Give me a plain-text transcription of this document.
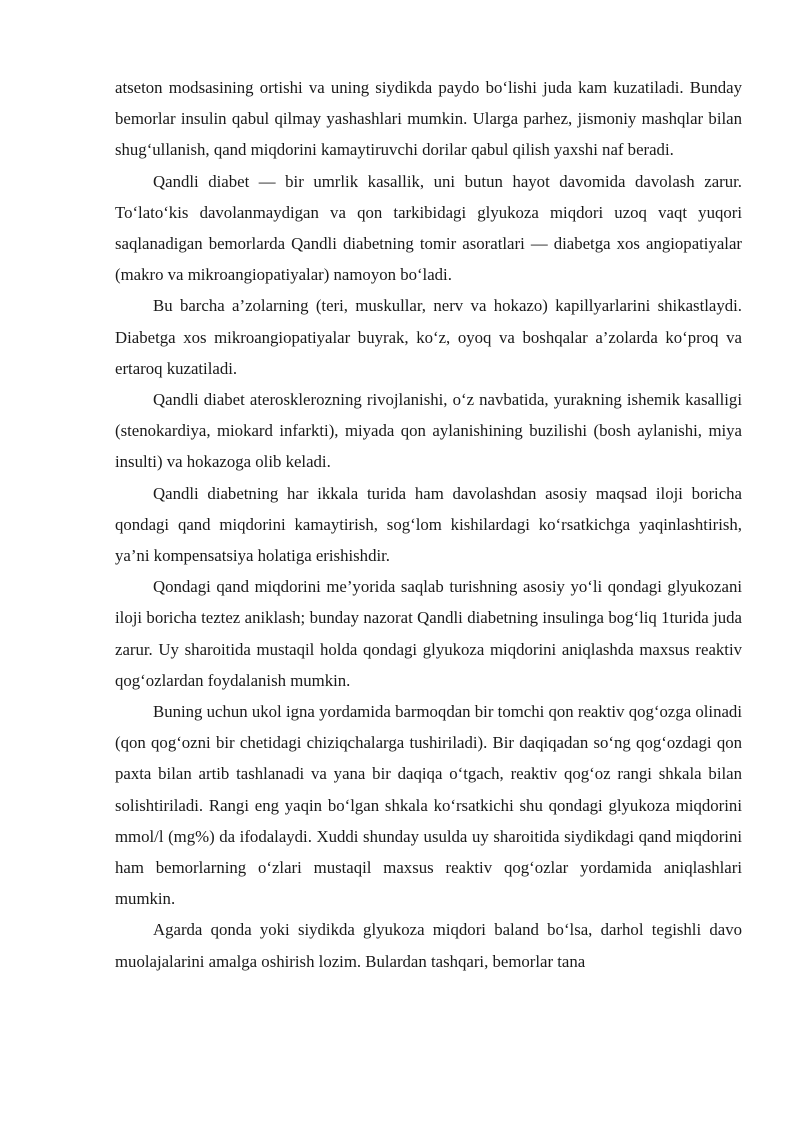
atseton modsasining ortishi va uning siydikda paydo bo‘lishi juda kam kuzatiladi. Bunday bemorlar insulin qabul qilmay yashashlari mumkin. Ularga parhez, jismoniy mashqlar bilan shug‘ullanish, qand miqdorini kamaytiruvchi dorilar qabul qilish yaxshi naf beradi.

Qandli diabet — bir umrlik kasallik, uni butun hayot davomida davolash zarur. To‘lato‘kis davolanmaydigan va qon tarkibidagi glyukoza miqdori uzoq vaqt yuqori saqlanadigan bemorlarda Qandli diabetning tomir asoratlari — diabetga xos angiopatiyalar (makro va mikroangiopatiyalar) namoyon bo‘ladi.

Bu barcha a’zolarning (teri, muskullar, nerv va hokazo) kapillyarlarini shikastlaydi. Diabetga xos mikroangiopatiyalar buyrak, ko‘z, oyoq va boshqalar a’zolarda ko‘proq va ertaroq kuzatiladi.

Qandli diabet aterosklerozning rivojlanishi, o‘z navbatida, yurakning ishemik kasalligi (stenokardiya, miokard infarkti), miyada qon aylanishining buzilishi (bosh aylanishi, miya insulti) va hokazoga olib keladi.

Qandli diabetning har ikkala turida ham davolashdan asosiy maqsad iloji boricha qondagi qand miqdorini kamaytirish, sog‘lom kishilardagi ko‘rsatkichga yaqinlashtirish, ya’ni kompensatsiya holatiga erishishdir.

Qondagi qand miqdorini me’yorida saqlab turishning asosiy yo‘li qondagi glyukozani iloji boricha teztez aniklash; bunday nazorat Qandli diabetning insulinga bog‘liq 1turida juda zarur. Uy sharoitida mustaqil holda qondagi glyukoza miqdorini aniqlashda maxsus reaktiv qog‘ozlardan foydalanish mumkin.

Buning uchun ukol igna yordamida barmoqdan bir tomchi qon reaktiv qog‘ozga olinadi (qon qog‘ozni bir chetidagi chiziqchalarga tushiriladi). Bir daqiqadan so‘ng qog‘ozdagi qon paxta bilan artib tashlanadi va yana bir daqiqa o‘tgach, reaktiv qog‘oz rangi shkala bilan solishtiriladi. Rangi eng yaqin bo‘lgan shkala ko‘rsatkichi shu qondagi glyukoza miqdorini mmol/l (mg%) da ifodalaydi. Xuddi shunday usulda uy sharoitida siydikdagi qand miqdorini ham bemorlarning o‘zlari mustaqil maxsus reaktiv qog‘ozlar yordamida aniqlashlari mumkin.

Agarda qonda yoki siydikda glyukoza miqdori baland bo‘lsa, darhol tegishli davo muolajalarini amalga oshirish lozim. Bulardan tashqari, bemorlar tana
